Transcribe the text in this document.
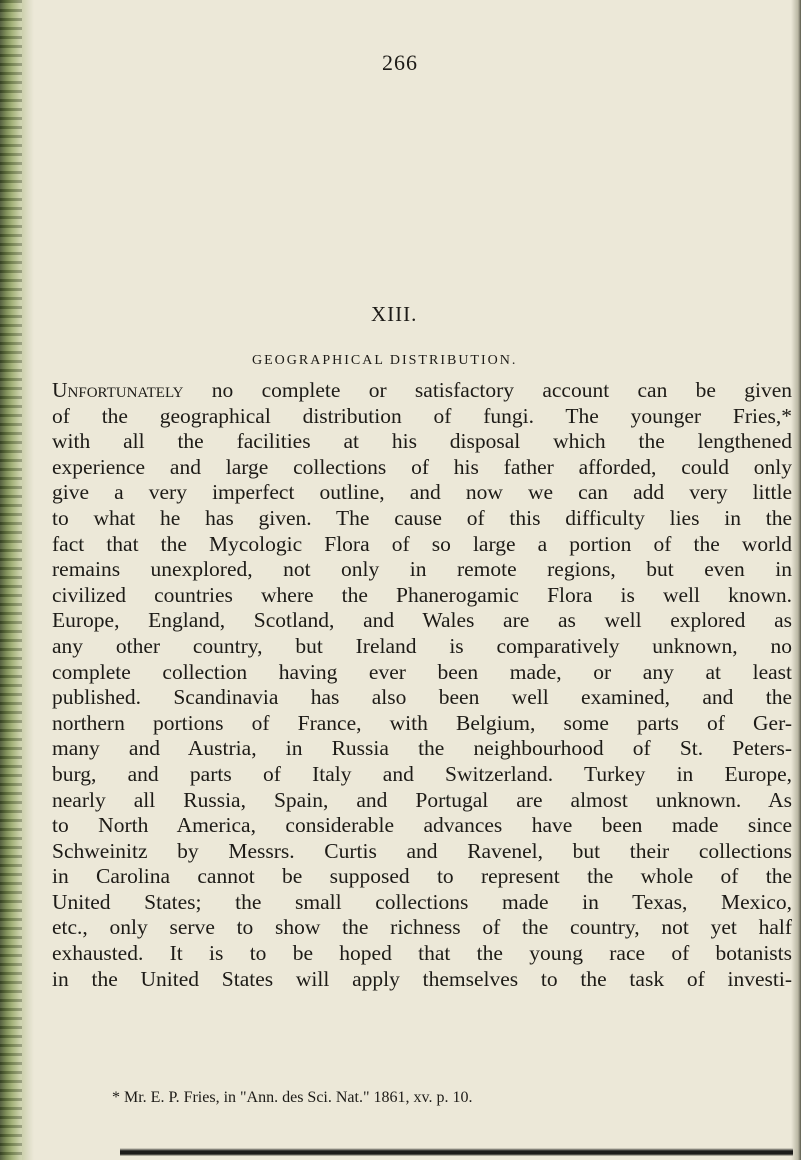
266
XIII.
GEOGRAPHICAL DISTRIBUTION.
Unfortunately no complete or satisfactory account can be given
of the geographical distribution of fungi. The younger Fries,*
with all the facilities at his disposal which the lengthened
experience and large collections of his father afforded, could only
give a very imperfect outline, and now we can add very little
to what he has given. The cause of this difficulty lies in the
fact that the Mycologic Flora of so large a portion of the world
remains unexplored, not only in remote regions, but even in
civilized countries where the Phanerogamic Flora is well known.
Europe, England, Scotland, and Wales are as well explored as
any other country, but Ireland is comparatively unknown, no
complete collection having ever been made, or any at least
published. Scandinavia has also been well examined, and the
northern portions of France, with Belgium, some parts of Ger-
many and Austria, in Russia the neighbourhood of St. Peters-
burg, and parts of Italy and Switzerland. Turkey in Europe,
nearly all Russia, Spain, and Portugal are almost unknown. As
to North America, considerable advances have been made since
Schweinitz by Messrs. Curtis and Ravenel, but their collections
in Carolina cannot be supposed to represent the whole of the
United States; the small collections made in Texas, Mexico,
etc., only serve to show the richness of the country, not yet half
exhausted. It is to be hoped that the young race of botanists
in the United States will apply themselves to the task of investi-
* Mr. E. P. Fries, in "Ann. des Sci. Nat." 1861, xv. p. 10.
